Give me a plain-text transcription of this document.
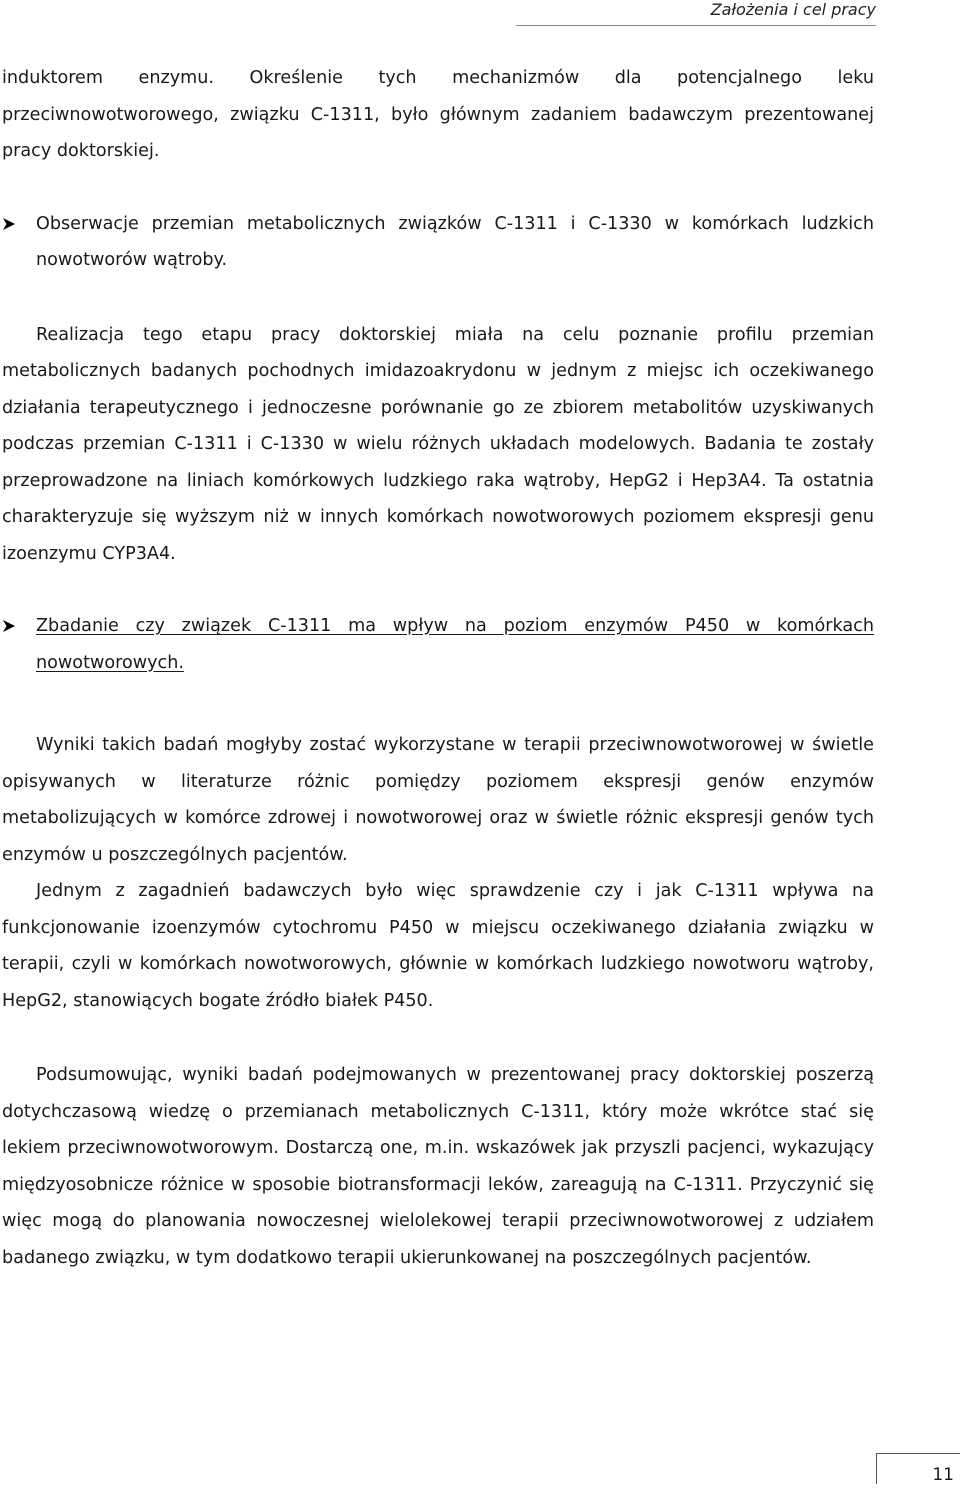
Założenia i cel pracy

induktorem enzymu. Określenie tych mechanizmów dla potencjalnego leku przeciwnowotworowego, związku C-1311, było głównym zadaniem badawczym prezentowanej pracy doktorskiej.

Obserwacje przemian metabolicznych związków C-1311 i C-1330 w komórkach ludzkich nowotworów wątroby.

Realizacja tego etapu pracy doktorskiej miała na celu poznanie profilu przemian metabolicznych badanych pochodnych imidazoakrydonu w jednym z miejsc ich oczekiwanego działania terapeutycznego i jednoczesne porównanie go ze zbiorem metabolitów uzyskiwanych podczas przemian C-1311 i C-1330 w wielu różnych układach modelowych. Badania te zostały przeprowadzone na liniach komórkowych ludzkiego raka wątroby, HepG2 i Hep3A4. Ta ostatnia charakteryzuje się wyższym niż w innych komórkach nowotworowych poziomem ekspresji genu izoenzymu CYP3A4.

Zbadanie czy związek C-1311 ma wpływ na poziom enzymów P450 w komórkach nowotworowych.

Wyniki takich badań mogłyby zostać wykorzystane w terapii przeciwnowotworowej w świetle opisywanych w literaturze różnic pomiędzy poziomem ekspresji genów enzymów metabolizujących w komórce zdrowej i nowotworowej oraz w świetle różnic ekspresji genów tych enzymów u poszczególnych pacjentów.

Jednym z zagadnień badawczych było więc sprawdzenie czy i jak C-1311 wpływa na funkcjonowanie izoenzymów cytochromu P450 w miejscu oczekiwanego działania związku w terapii, czyli w komórkach nowotworowych, głównie w komórkach ludzkiego nowotworu wątroby, HepG2, stanowiących bogate źródło białek P450.

Podsumowując, wyniki badań podejmowanych w prezentowanej pracy doktorskiej poszerzą dotychczasową wiedzę o przemianach metabolicznych C-1311, który może wkrótce stać się lekiem przeciwnowotworowym. Dostarczą one, m.in. wskazówek jak przyszli pacjenci, wykazujący międzyosobnicze różnice w sposobie biotransformacji leków, zareagują na C-1311. Przyczynić się więc mogą do planowania nowoczesnej wielolekowej terapii przeciwnowotworowej z udziałem badanego związku, w tym dodatkowo terapii ukierunkowanej na poszczególnych pacjentów.

11
